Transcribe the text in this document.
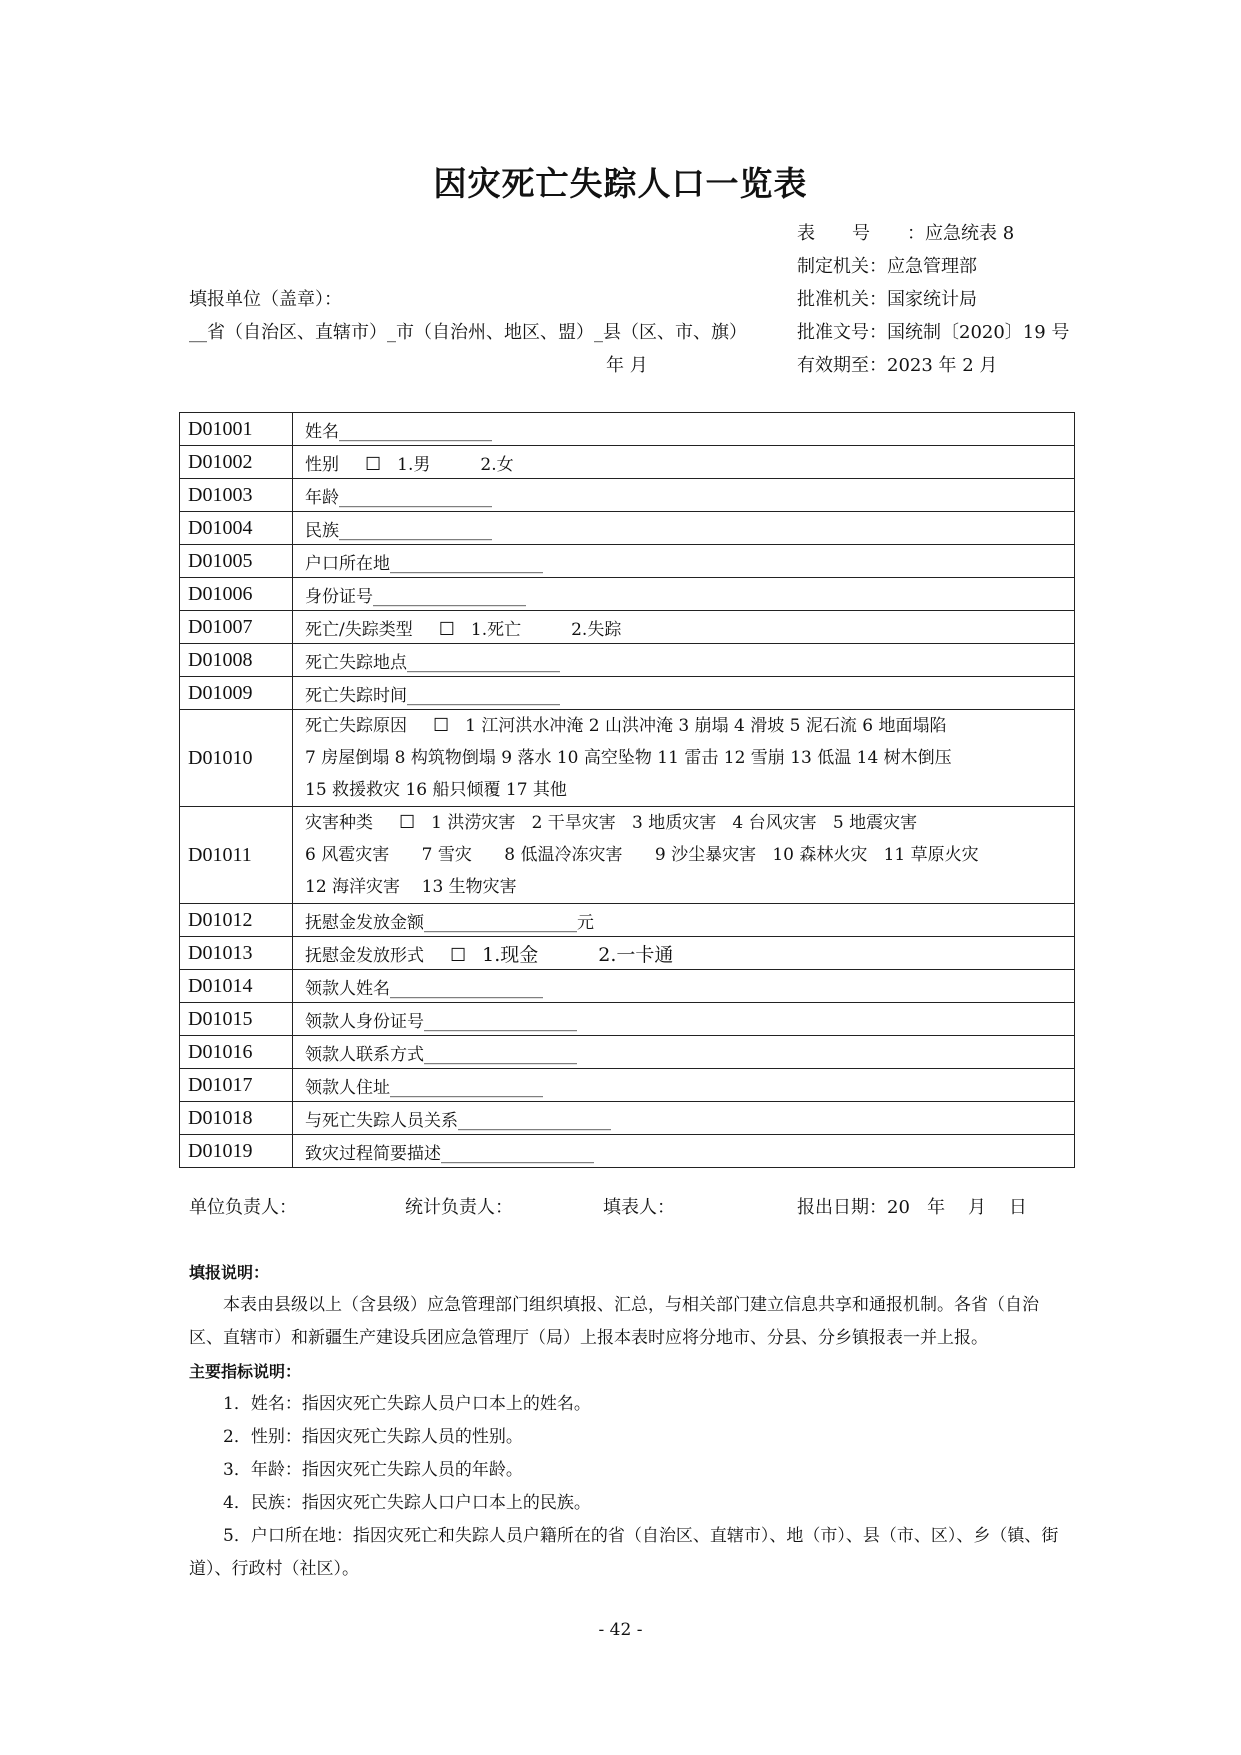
因灾死亡失踪人口一览表
表号：应急统表 8
制定机关：应急管理部
批准机关：国家统计局
批准文号：国统制〔2020〕19 号
有效期至：2023 年 2 月
填报单位（盖章）：
__省（自治区、直辖市）_市（自治州、地区、盟）_县（区、市、旗）
年 月
D01001	姓名__________________
D01002	性别 ☐ 1.男 2.女
D01003	年龄__________________
D01004	民族__________________
D01005	户口所在地__________________
D01006	身份证号__________________
D01007	死亡/失踪类型 ☐ 1.死亡 2.失踪
D01008	死亡失踪地点__________________
D01009	死亡失踪时间__________________
D01010	死亡失踪原因 ☐ 1 江河洪水冲淹 2 山洪冲淹 3 崩塌 4 滑坡 5 泥石流 6 地面塌陷
7 房屋倒塌 8 构筑物倒塌 9 落水 10 高空坠物 11 雷击 12 雪崩 13 低温 14 树木倒压
15 救援救灾 16 船只倾覆 17 其他

D01011	灾害种类 ☐ 1 洪涝灾害   2 干旱灾害   3 地质灾害   4 台风灾害   5 地震灾害
6 风雹灾害      7 雪灾      8 低温冷冻灾害      9 沙尘暴灾害   10 森林火灾   11 草原火灾
12 海洋灾害    13 生物灾害

D01012	抚慰金发放金额__________________元
D01013	抚慰金发放形式 ☐ 1.现金 2.一卡通
D01014	领款人姓名__________________
D01015	领款人身份证号__________________
D01016	领款人联系方式__________________
D01017	领款人住址__________________
D01018	与死亡失踪人员关系__________________
D01019	致灾过程简要描述__________________
单位负责人：	统计负责人：	填表人：	报出日期：20   年    月    日

填报说明：

本表由县级以上（含县级）应急管理部门组织填报、汇总，与相关部门建立信息共享和通报机制。各省（自治区、直辖市）和新疆生产建设兵团应急管理厅（局）上报本表时应将分地市、分县、分乡镇报表一并上报。

主要指标说明：

1．姓名：指因灾死亡失踪人员户口本上的姓名。

2．性别：指因灾死亡失踪人员的性别。

3．年龄：指因灾死亡失踪人员的年龄。

4．民族：指因灾死亡失踪人口户口本上的民族。

5．户口所在地：指因灾死亡和失踪人员户籍所在的省（自治区、直辖市）、地（市）、县（市、区）、乡（镇、街道）、行政村（社区）。

- 42 -
